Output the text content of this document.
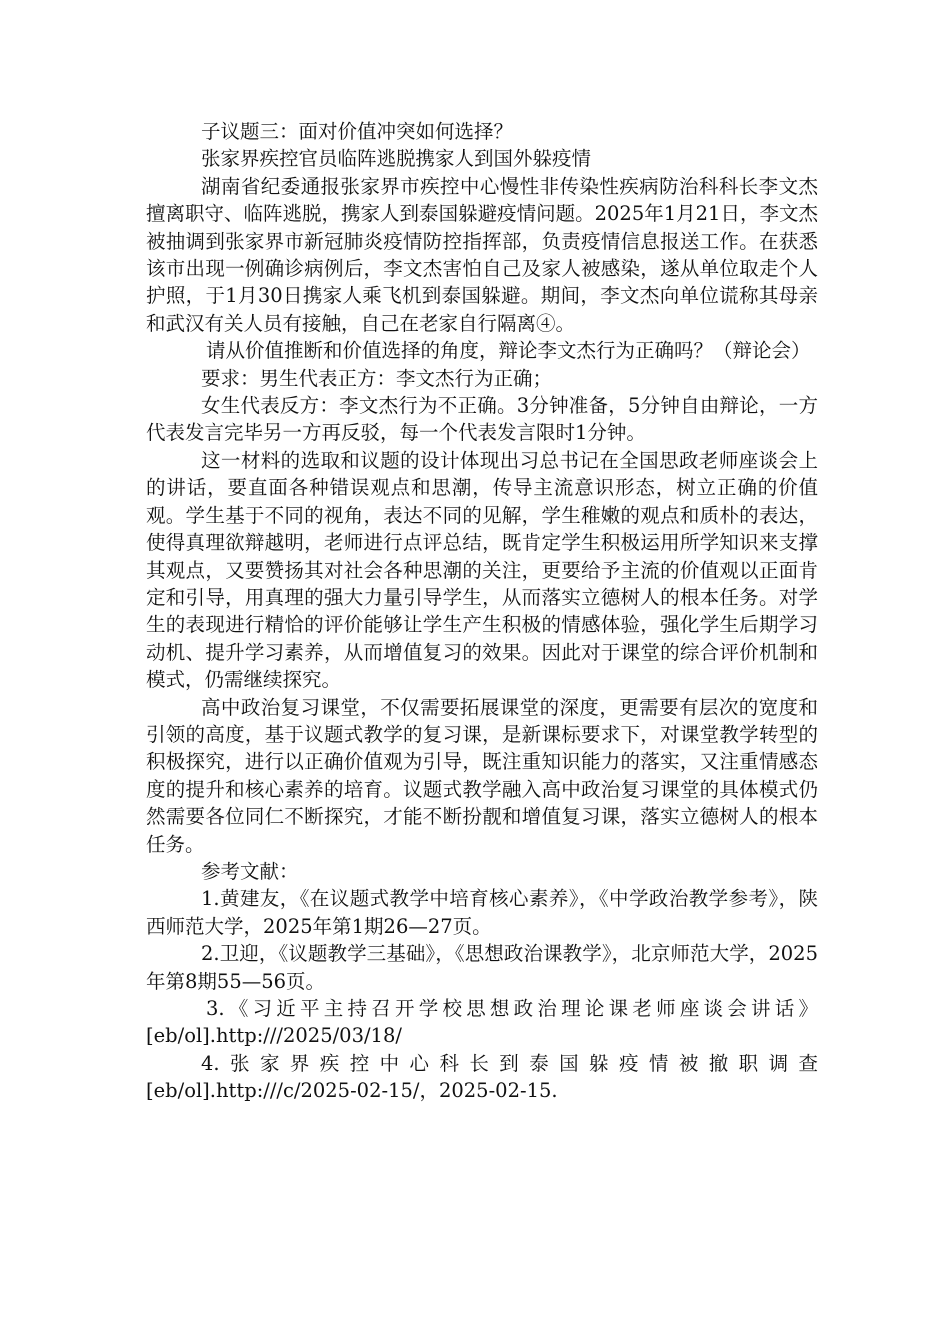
子议题三：面对价值冲突如何选择？

张家界疾控官员临阵逃脱携家人到国外躲疫情

湖南省纪委通报张家界市疾控中心慢性非传染性疾病防治科科长李文杰擅离职守、临阵逃脱，携家人到泰国躲避疫情问题。2025年1月21日，李文杰被抽调到张家界市新冠肺炎疫情防控指挥部，负责疫情信息报送工作。在获悉该市出现一例确诊病例后，李文杰害怕自己及家人被感染，遂从单位取走个人护照，于1月30日携家人乘飞机到泰国躲避。期间，李文杰向单位谎称其母亲和武汉有关人员有接触，自己在老家自行隔离④。

请从价值推断和价值选择的角度，辩论李文杰行为正确吗？（辩论会）

要求：男生代表正方：李文杰行为正确；

女生代表反方：李文杰行为不正确。3分钟准备，5分钟自由辩论，一方代表发言完毕另一方再反驳，每一个代表发言限时1分钟。

这一材料的选取和议题的设计体现出习总书记在全国思政老师座谈会上的讲话，要直面各种错误观点和思潮，传导主流意识形态，树立正确的价值观。学生基于不同的视角，表达不同的见解，学生稚嫩的观点和质朴的表达，使得真理欲辩越明，老师进行点评总结，既肯定学生积极运用所学知识来支撑其观点，又要赞扬其对社会各种思潮的关注，更要给予主流的价值观以正面肯定和引导，用真理的强大力量引导学生，从而落实立德树人的根本任务。对学生的表现进行精恰的评价能够让学生产生积极的情感体验，强化学生后期学习动机、提升学习素养，从而增值复习的效果。因此对于课堂的综合评价机制和模式，仍需继续探究。

高中政治复习课堂，不仅需要拓展课堂的深度，更需要有层次的宽度和引领的高度，基于议题式教学的复习课，是新课标要求下，对课堂教学转型的积极探究，进行以正确价值观为引导，既注重知识能力的落实，又注重情感态度的提升和核心素养的培育。议题式教学融入高中政治复习课堂的具体模式仍然需要各位同仁不断探究，才能不断扮靓和增值复习课，落实立德树人的根本任务。

参考文献：

1.黄建友，《在议题式教学中培育核心素养》，《中学政治教学参考》，陕西师范大学，2025年第1期26—27页。

2.卫迎，《议题教学三基础》，《思想政治课教学》，北京师范大学，2025年第8期55—56页。

3.《习近平主持召开学校思想政治理论课老师座谈会讲话》[eb/ol].http:///2025/03/18/

4.张家界疾控中心科长到泰国躲疫情被撤职调查[eb/ol].http:///c/2025-02-15/，2025-02-15.
